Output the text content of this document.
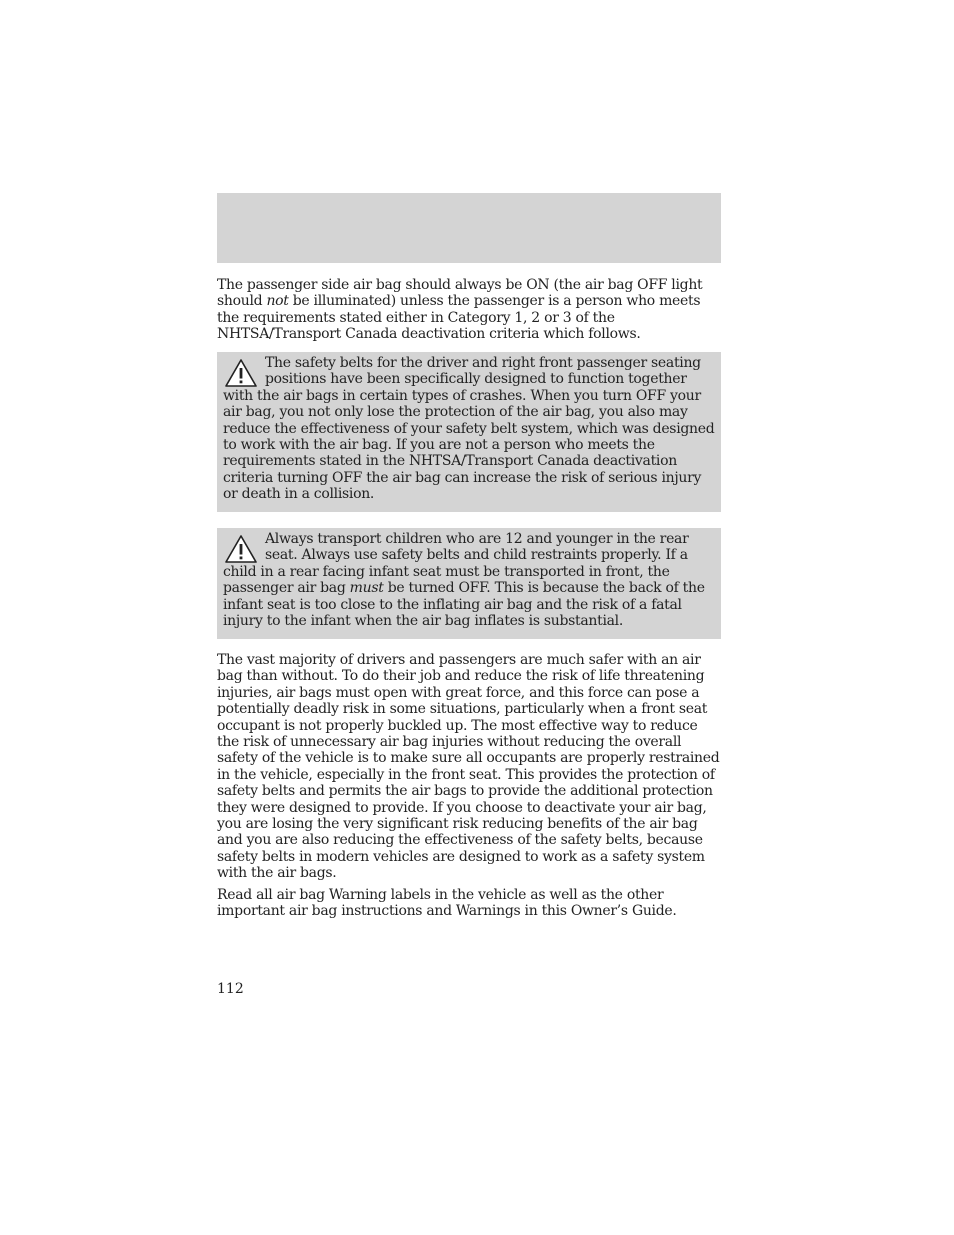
The passenger side air bag should always be ON (the air bag OFF light should not be illuminated) unless the passenger is a person who meets the requirements stated either in Category 1, 2 or 3 of the NHTSA/Transport Canada deactivation criteria which follows.

The safety belts for the driver and right front passenger seating positions have been specifically designed to function together with the air bags in certain types of crashes. When you turn OFF your air bag, you not only lose the protection of the air bag, you also may reduce the effectiveness of your safety belt system, which was designed to work with the air bag. If you are not a person who meets the requirements stated in the NHTSA/Transport Canada deactivation criteria turning OFF the air bag can increase the risk of serious injury or death in a collision.

Always transport children who are 12 and younger in the rear seat. Always use safety belts and child restraints properly. If a child in a rear facing infant seat must be transported in front, the passenger air bag must be turned OFF. This is because the back of the infant seat is too close to the inflating air bag and the risk of a fatal injury to the infant when the air bag inflates is substantial.

The vast majority of drivers and passengers are much safer with an air bag than without. To do their job and reduce the risk of life threatening injuries, air bags must open with great force, and this force can pose a potentially deadly risk in some situations, particularly when a front seat occupant is not properly buckled up. The most effective way to reduce the risk of unnecessary air bag injuries without reducing the overall safety of the vehicle is to make sure all occupants are properly restrained in the vehicle, especially in the front seat. This provides the protection of safety belts and permits the air bags to provide the additional protection they were designed to provide. If you choose to deactivate your air bag, you are losing the very significant risk reducing benefits of the air bag and you are also reducing the effectiveness of the safety belts, because safety belts in modern vehicles are designed to work as a safety system with the air bags.

Read all air bag Warning labels in the vehicle as well as the other important air bag instructions and Warnings in this Owner’s Guide.

112
